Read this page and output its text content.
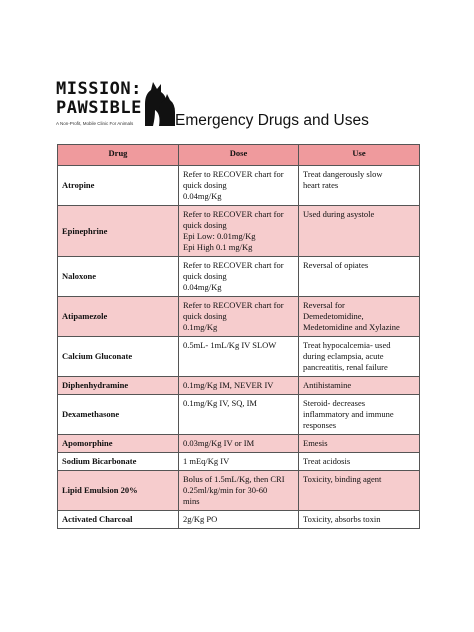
MISSION:
PAWSIBLE
A Non-Profit, Mobile Clinic For Animals	Emergency Drugs and Uses
Drug	Dose	Use
Atropine	Refer to RECOVER chart for
quick dosing
0.04mg/Kg	Treat dangerously slow
heart rates

Epinephrine	Refer to RECOVER chart for
quick dosing
Epi Low: 0.01mg/Kg
Epi High 0.1 mg/Kg	Used during asystole

Naloxone	Refer to RECOVER chart for
quick dosing
0.04mg/Kg	Reversal of opiates

Atipamezole	Refer to RECOVER chart for
quick dosing
0.1mg/Kg	Reversal for
Demedetomidine,
Medetomidine and Xylazine

Calcium Gluconate	0.5mL- 1mL/Kg IV SLOW	Treat hypocalcemia- used
during eclampsia, acute
pancreatitis, renal failure

Diphenhydramine	0.1mg/Kg IM, NEVER IV	Antihistamine

Dexamethasone	0.1mg/Kg IV, SQ, IM	Steroid- decreases
inflammatory and immune
responses

Apomorphine	0.03mg/Kg IV or IM	Emesis

Sodium Bicarbonate	1 mEq/Kg IV	Treat acidosis

Lipid Emulsion 20%	Bolus of 1.5mL/Kg, then CRI
0.25ml/kg/min for 30-60
mins	Toxicity, binding agent

Activated Charcoal	2g/Kg PO	Toxicity, absorbs toxin
